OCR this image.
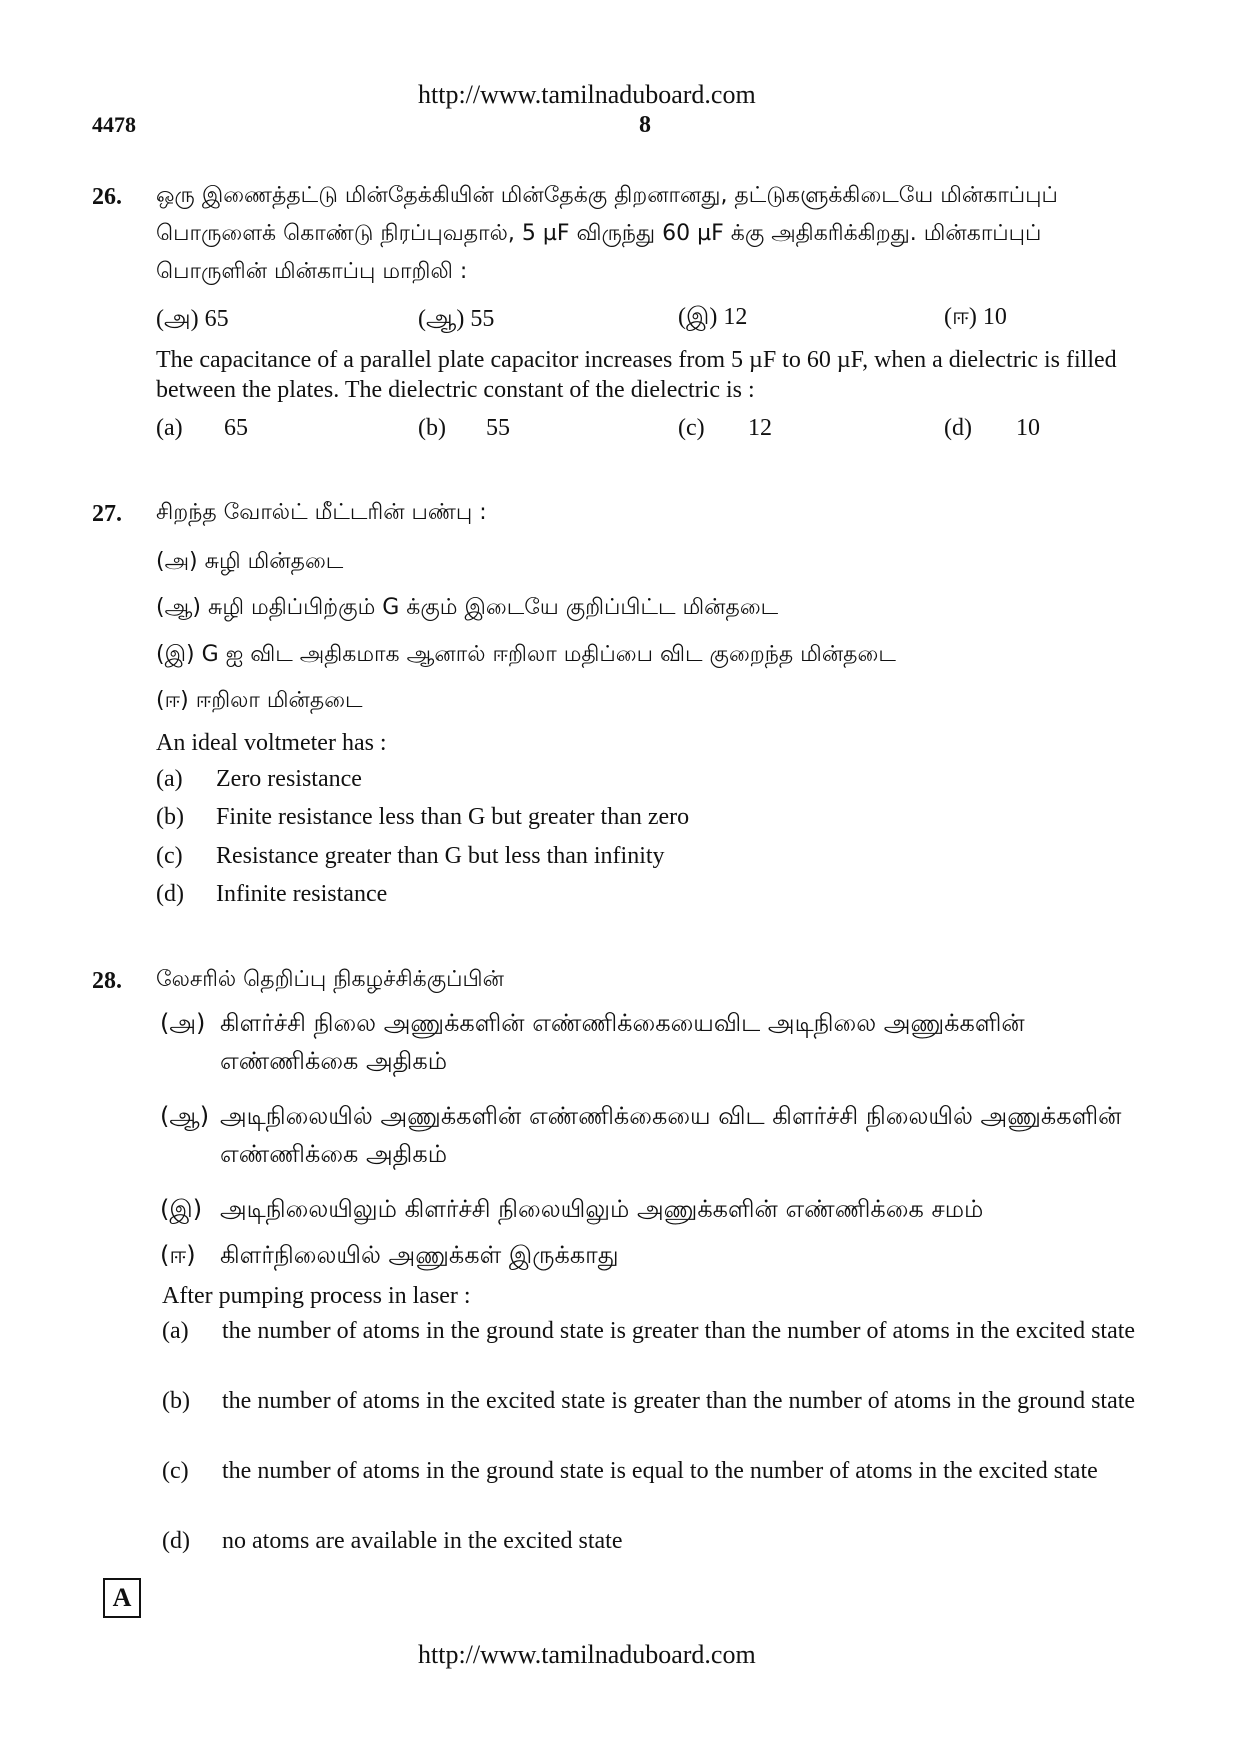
http://www.tamilnaduboard.com
4478	8
26. ஒரு இணைத்தட்டு மின்தேக்கியின் மின்தேக்கு திறனானது, தட்டுகளுக்கிடையே மின்காப்புப் பொருளைக் கொண்டு நிரப்புவதால், 5 µF விருந்து 60 µF க்கு அதிகரிக்கிறது. மின்காப்புப் பொருளின் மின்காப்பு மாறிலி :
(அ) 65	(ஆ) 55	(இ) 12	(ஈ) 10
The capacitance of a parallel plate capacitor increases from 5 µF to 60 µF, when a dielectric is filled between the plates. The dielectric constant of the dielectric is :
(a) 65	(b) 55	(c) 12	(d) 10
27. சிறந்த வோல்ட் மீட்டரின் பண்பு :
(அ) சுழி மின்தடை
(ஆ) சுழி மதிப்பிற்கும் G க்கும் இடையே குறிப்பிட்ட மின்தடை
(இ) G ஐ விட அதிகமாக ஆனால் ஈறிலா மதிப்பை விட குறைந்த மின்தடை
(ஈ) ஈறிலா மின்தடை
An ideal voltmeter has :
(a) Zero resistance
(b) Finite resistance less than G but greater than zero
(c) Resistance greater than G but less than infinity
(d) Infinite resistance
28. லேசரில் தெறிப்பு நிகழச்சிக்குப்பின்
(அ) கிளர்ச்சி நிலை அணுக்களின் எண்ணிக்கையைவிட அடிநிலை அணுக்களின் எண்ணிக்கை அதிகம்
(ஆ) அடிநிலையில் அணுக்களின் எண்ணிக்கையை விட கிளர்ச்சி நிலையில் அணுக்களின் எண்ணிக்கை அதிகம்
(இ) அடிநிலையிலும் கிளர்ச்சி நிலையிலும் அணுக்களின் எண்ணிக்கை சமம்
(ஈ) கிளர்நிலையில் அணுக்கள் இருக்காது
After pumping process in laser :
(a) the number of atoms in the ground state is greater than the number of atoms in the excited state
(b) the number of atoms in the excited state is greater than the number of atoms in the ground state
(c) the number of atoms in the ground state is equal to the number of atoms in the excited state
(d) no atoms are available in the excited state
A
http://www.tamilnaduboard.com
